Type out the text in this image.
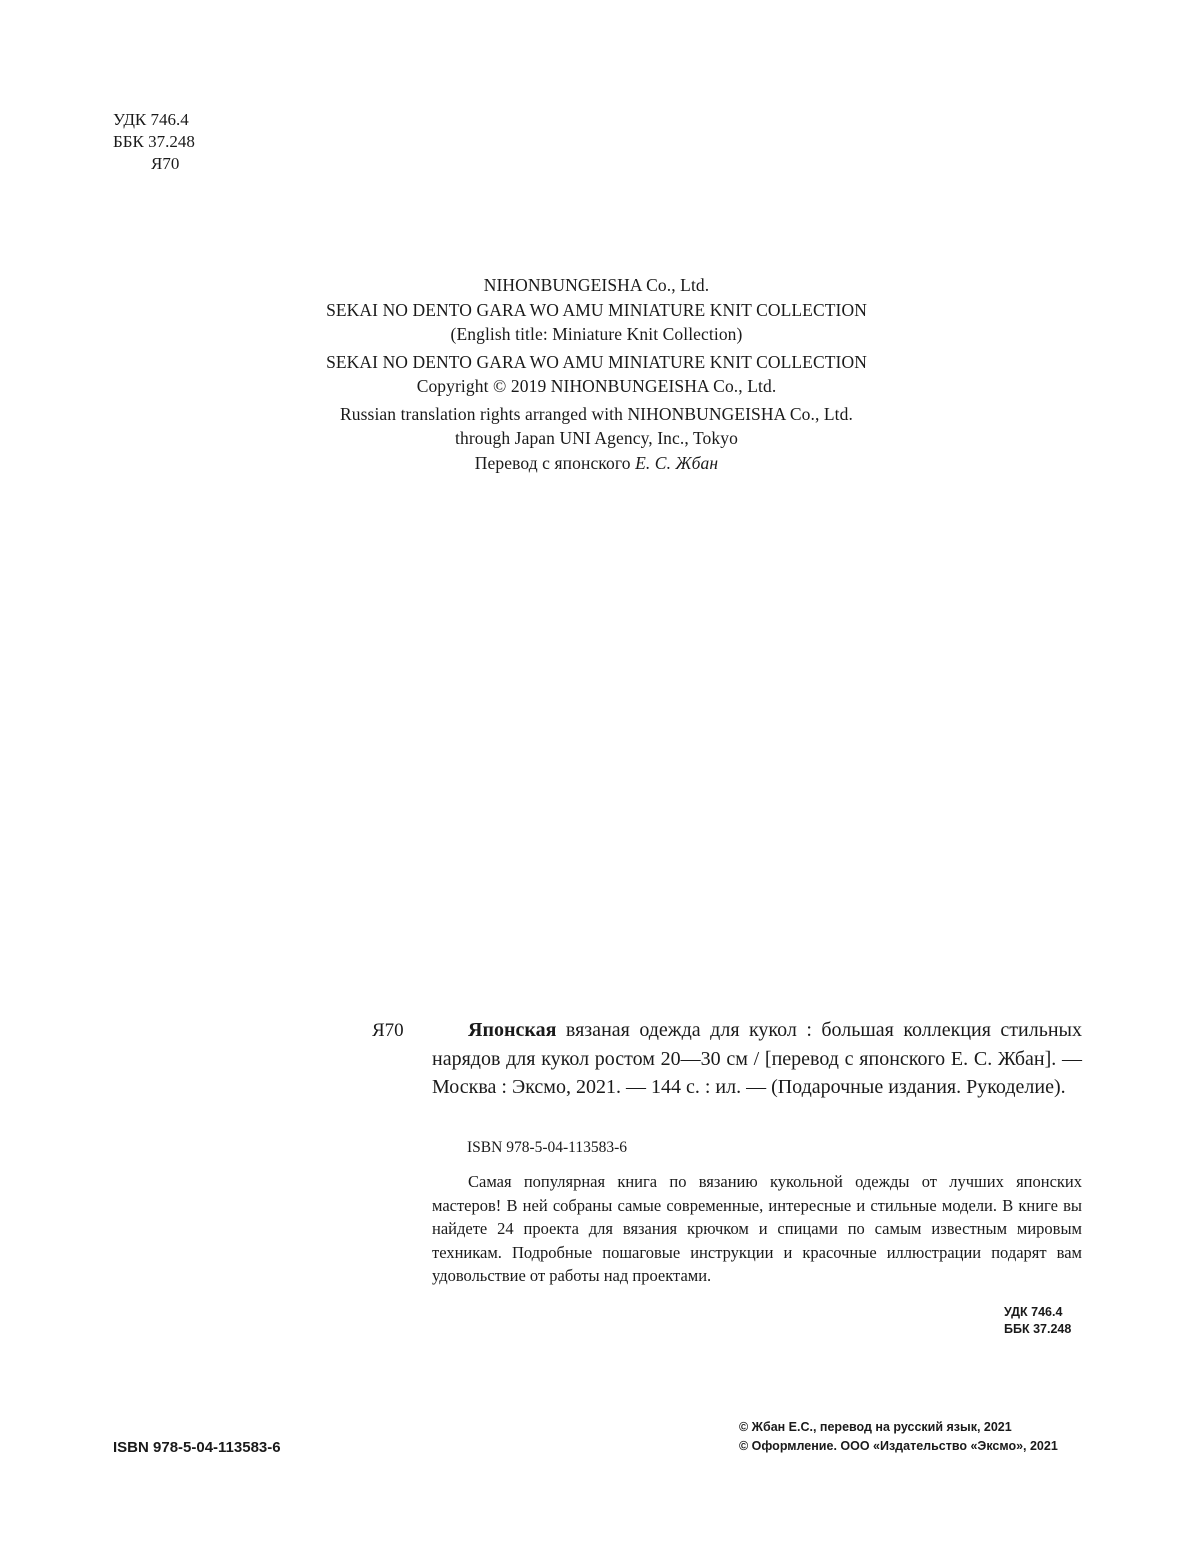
УДК 746.4
ББК 37.248
Я70
NIHONBUNGEISHA Co., Ltd.
SEKAI NO DENTO GARA WO AMU MINIATURE KNIT COLLECTION
(English title: Miniature Knit Collection)
SEKAI NO DENTO GARA WO AMU MINIATURE KNIT COLLECTION
Copyright © 2019 NIHONBUNGEISHA Co., Ltd.
Russian translation rights arranged with NIHONBUNGEISHA Co., Ltd.
through Japan UNI Agency, Inc., Tokyo
Перевод с японского Е. С. Жбан
Я70	Японская вязаная одежда для кукол : большая коллекция стильных нарядов для кукол ростом 20—30 см / [перевод с японского Е. С. Жбан]. — Москва : Эксмо, 2021. — 144 с. : ил. — (Подарочные издания. Рукоделие).
ISBN 978-5-04-113583-6
Самая популярная книга по вязанию кукольной одежды от лучших японских мастеров! В ней собраны самые современные, интересные и стильные модели. В книге вы найдете 24 проекта для вязания крючком и спицами по самым известным мировым техникам. Подробные пошаговые инструкции и красочные иллюстрации подарят вам удовольствие от работы над проектами.
УДК 746.4
ББК 37.248
ISBN 978-5-04-113583-6
© Жбан Е.С., перевод на русский язык, 2021
© Оформление. ООО «Издательство «Эксмо», 2021
